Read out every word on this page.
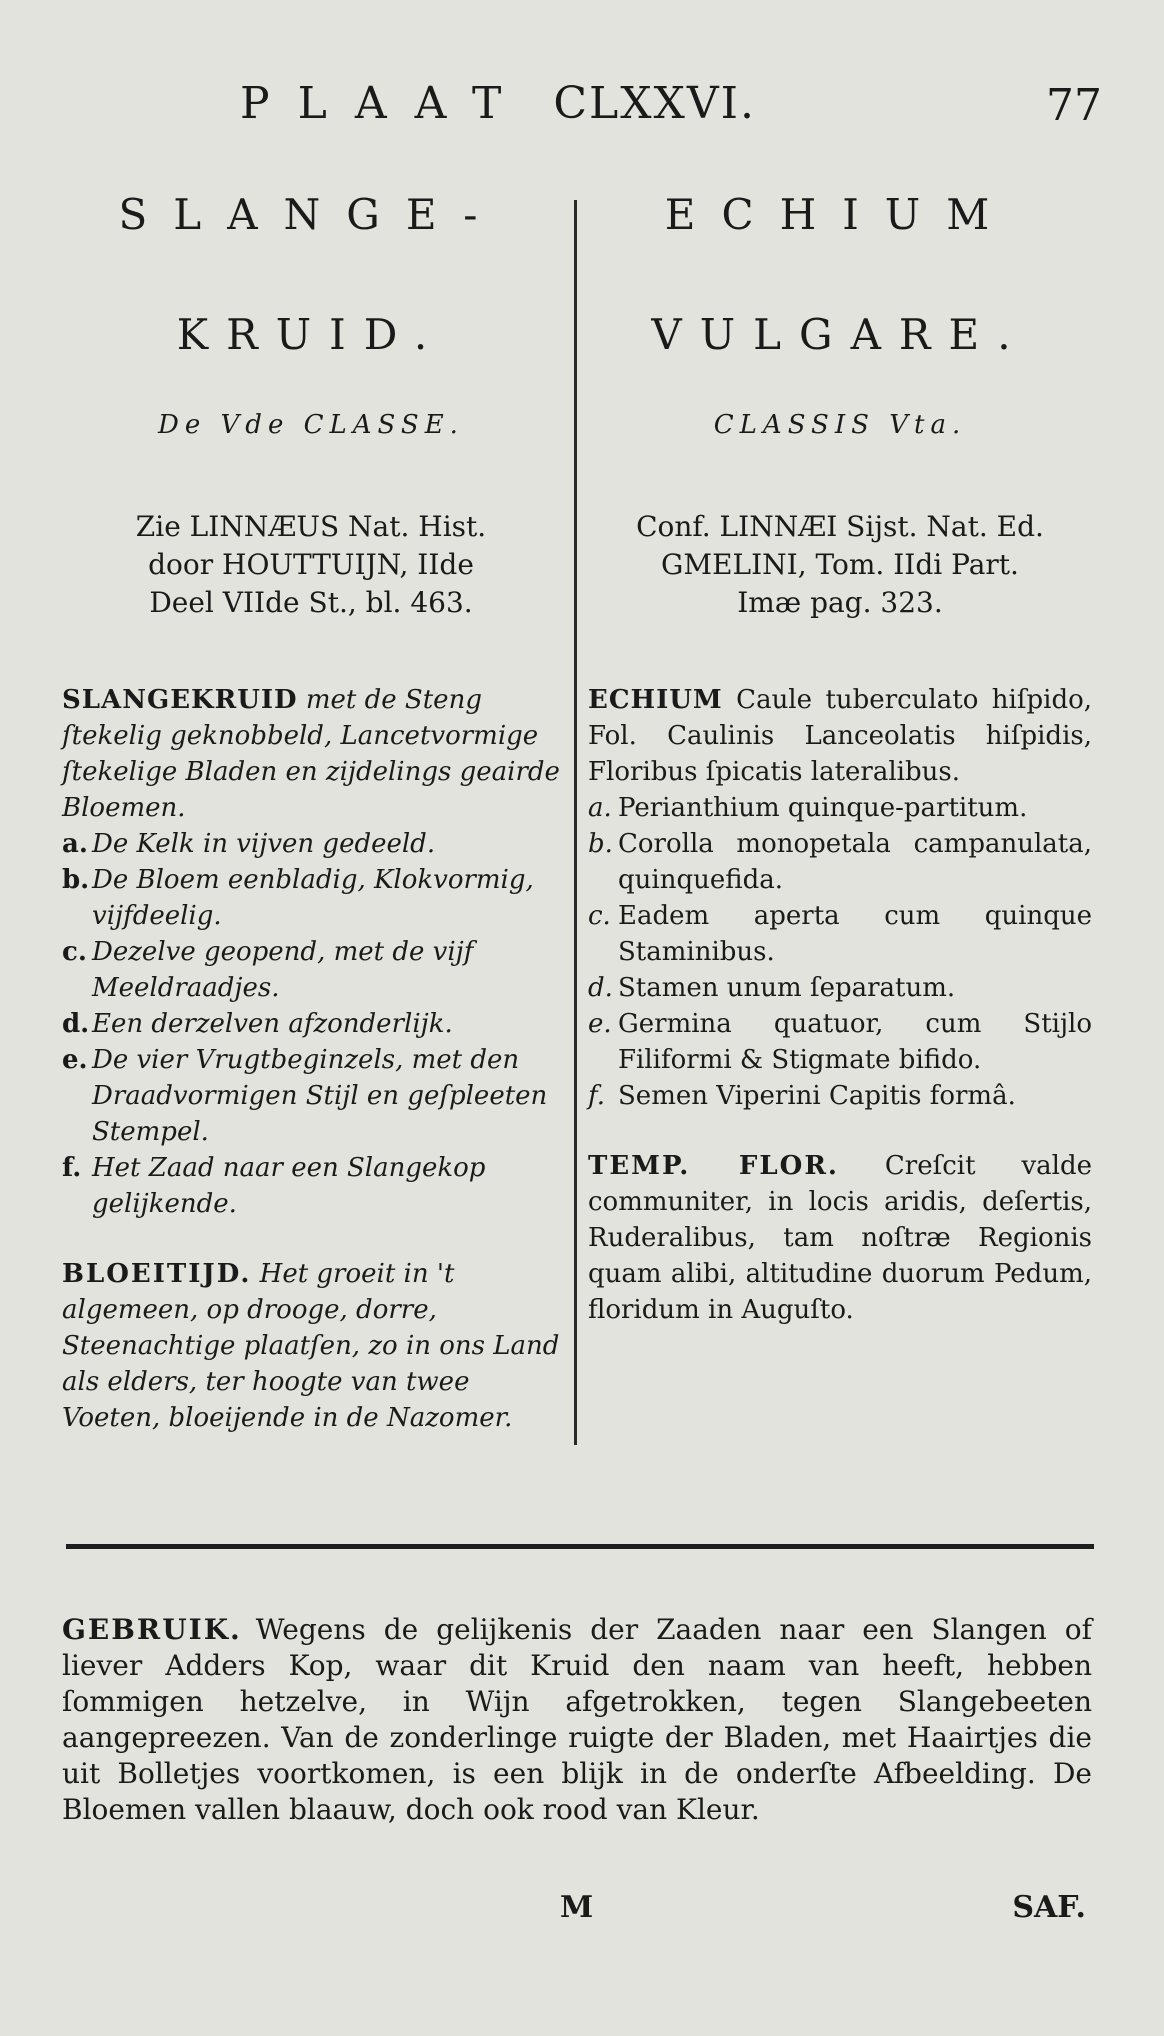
PLAAT CLXXVI.	77
SLANGE-
KRUID.
De Vde CLASSE.
Zie LINNÆUS Nat. Hist.
door HOUTTUIJN, IIde
Deel VIIde St., bl. 463.
SLANGEKRUID met de Steng ſtekelig geknobbeld, Lancetvormige ſtekelige Bladen en zijdelings geairde Bloemen.
a. De Kelk in vijven gedeeld.
b. De Bloem eenbladig, Klokvormig, vijfdeelig.
c. Dezelve geopend, met de vijf Meeldraadjes.
d. Een derzelven afzonderlijk.
e. De vier Vrugtbeginzels, met den Draadvormigen Stijl en geſpleeten Stempel.
f. Het Zaad naar een Slangekop gelijkende.
BLOEITIJD. Het groeit in 't algemeen, op drooge, dorre, Steenachtige plaatſen, zo in ons Land als elders, ter hoogte van twee Voeten, bloeijende in de Nazomer.
ECHIUM
VULGARE.
CLASSIS Vta.
Conf. LINNÆI Sijst. Nat. Ed.
GMELINI, Tom. IIdi Part.
Imæ pag. 323.
ECHIUM Caule tuberculato hiſpido, Fol. Caulinis Lanceolatis hiſpidis, Floribus ſpicatis lateralibus.
a. Perianthium quinque-partitum.
b. Corolla monopetala campanulata, quinquefida.
c. Eadem aperta cum quinque Staminibus.
d. Stamen unum ſeparatum.
e. Germina quatuor, cum Stijlo Filiformi & Stigmate bifido.
f. Semen Viperini Capitis formâ.
TEMP. FLOR. Creſcit valde communiter, in locis aridis, deſertis, Ruderalibus, tam noſtræ Regionis quam alibi, altitudine duorum Pedum, floridum in Auguſto.
GEBRUIK. Wegens de gelijkenis der Zaaden naar een Slangen of liever Adders Kop, waar dit Kruid den naam van heeft, hebben ſommigen hetzelve, in Wijn afgetrokken, tegen Slangebeeten aangepreezen. Van de zonderlinge ruigte der Bladen, met Haairtjes die uit Bolletjes voortkomen, is een blijk in de onderſte Afbeelding. De Bloemen vallen blaauw, doch ook rood van Kleur.
M	SAF.
